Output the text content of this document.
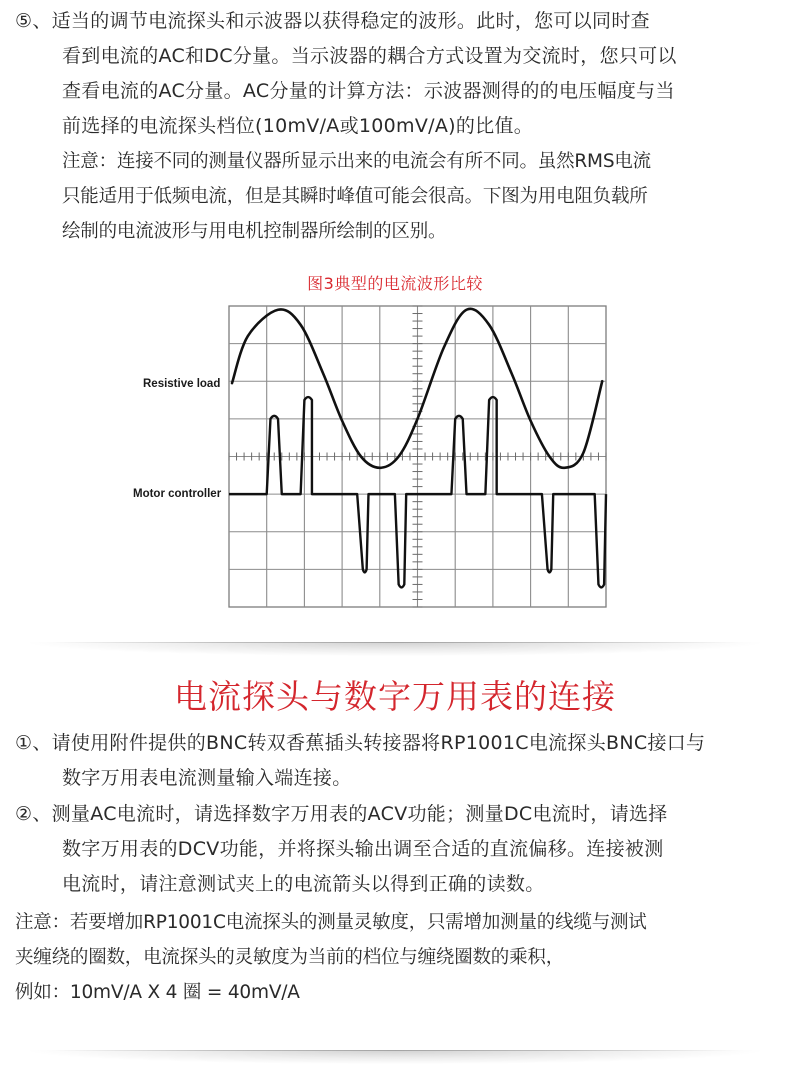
⑤、适当的调节电流探头和示波器以获得稳定的波形。此时，您可以同时查
看到电流的AC和DC分量。当示波器的耦合方式设置为交流时，您只可以
查看电流的AC分量。AC分量的计算方法：示波器测得的的电压幅度与当
前选择的电流探头档位(10mV/A或100mV/A)的比值。
注意：连接不同的测量仪器所显示出来的电流会有所不同。虽然RMS电流
只能适用于低频电流，但是其瞬时峰值可能会很高。下图为用电阻负载所
绘制的电流波形与用电机控制器所绘制的区别。
图3典型的电流波形比较
Resistive load
Motor controller
电流探头与数字万用表的连接
①、请使用附件提供的BNC转双香蕉插头转接器将RP1001C电流探头BNC接口与
数字万用表电流测量输入端连接。
②、测量AC电流时，请选择数字万用表的ACV功能；测量DC电流时，请选择
数字万用表的DCV功能，并将探头输出调至合适的直流偏移。连接被测
电流时，请注意测试夹上的电流箭头以得到正确的读数。
注意：若要增加RP1001C电流探头的测量灵敏度，只需增加测量的线缆与测试
夹缠绕的圈数，电流探头的灵敏度为当前的档位与缠绕圈数的乘积，
例如：10mV/A X 4 圈 = 40mV/A
